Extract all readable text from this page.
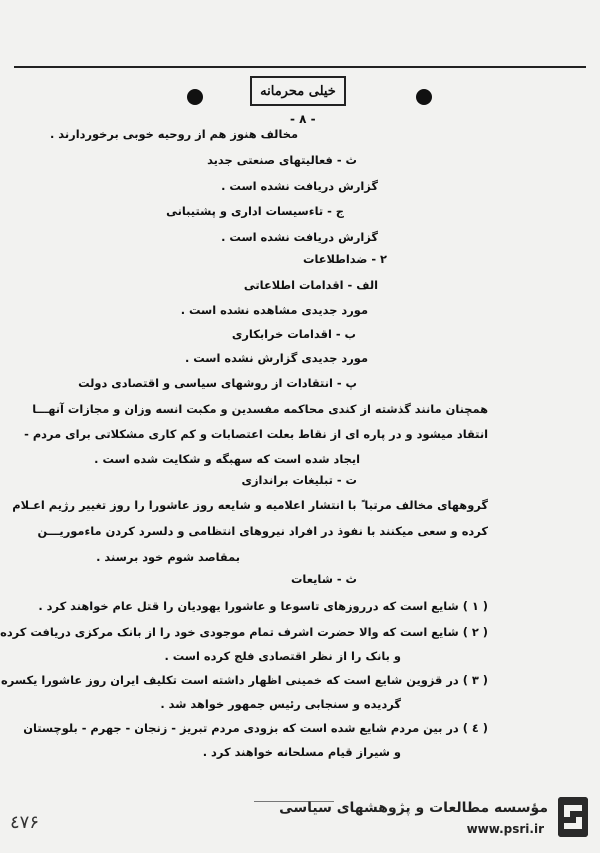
خیلی محرمانه
- ۸ -
مخالف هنوز هم از روحیه خوبی برخوردارند .
ث - فعالیتهای صنعتی جدید
گزارش دریافت نشده است .
ج - تاءسیسات اداری و پشتیبانی
گزارش دریافت نشده است .
۲ - ضداطلاعات
الف - اقدامات اطلاعاتی
مورد جدیدی مشاهده نشده است .
ب - اقدامات خرابکاری
مورد جدیدی گزارش نشده است .
پ - انتقادات از روشهای سیاسی و اقتصادی دولت
همچنان مانند گذشته از کندی محاکمه مفسدین و مکبت انسه وزان و مجازات آنهـــا
انتقاد میشود و در پاره ای از نقاط بعلت اعتصابات و کم کاری مشکلاتی برای مردم -
ایجاد شده است که سهبگه و شکایت شده است .
ت - تبلیغات براندازی
گروههای مخالف مرتبا ً با انتشار اعلامیه و شایعه روز عاشورا را روز تغییر رژیم اعـلام
کرده و سعی میکنند با نفوذ در افراد نیروهای انتظامی و دلسرد کردن ماءموریـــن
بمقاصد شوم خود برسند .
ث - شایعات
( ۱ ) شایع است که درروزهای تاسوعا و عاشورا یهودیان را قتل عام خواهند کرد .
( ۲ ) شایع است که والا حضرت اشرف تمام موجودی خود را از بانک مرکزی دریافت کرده
و بانک را از نظر اقتصادی فلج کرده است .
( ۳ ) در قزوین شایع است که خمینی اظهار داشته است تکلیف ایران روز عاشورا یکسره
گردیده و سنجابی رئیس جمهور خواهد شد .
( ٤ ) در بین مردم شایع شده است که بزودی مردم تبریز - زنجان - جهرم - بلوچستان
و شیراز قیام مسلحانه خواهند کرد .
٤٧۶
مؤسسه مطالعات و پژوهشهای سیاسی
www.psri.ir
